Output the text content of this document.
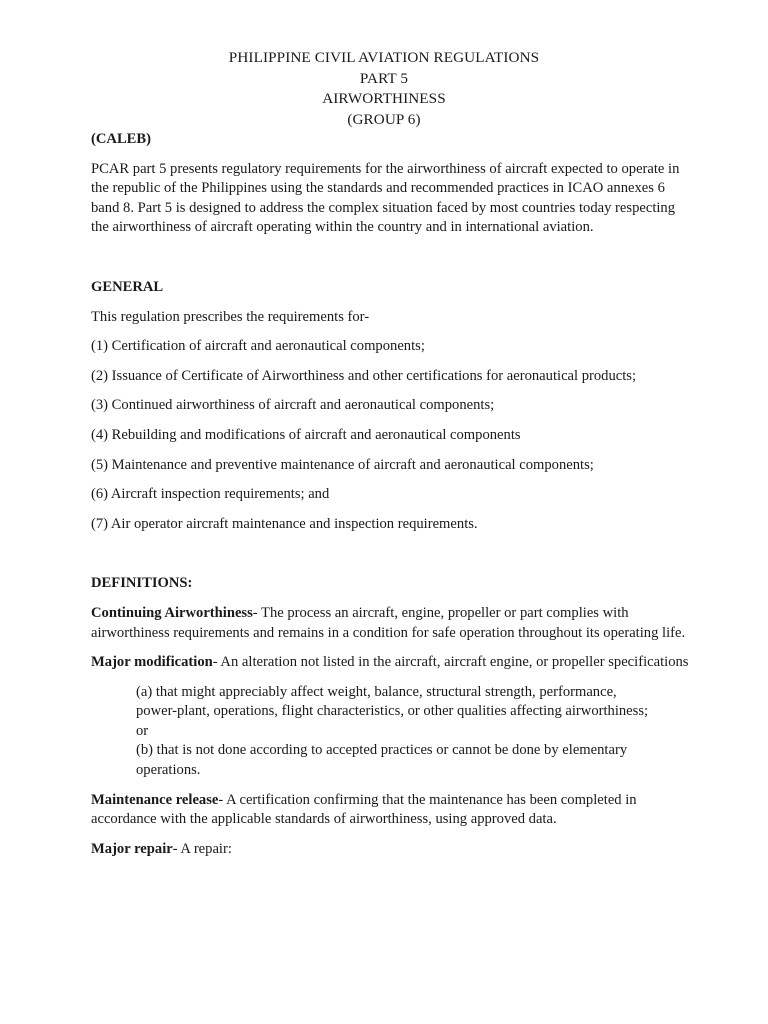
PHILIPPINE CIVIL AVIATION REGULATIONS
PART 5
AIRWORTHINESS
(GROUP 6)

(CALEB)

PCAR part 5 presents regulatory requirements for the airworthiness of aircraft expected to operate in the republic of the Philippines using the standards and recommended practices in ICAO annexes 6 band 8. Part 5 is designed to address the complex situation faced by most countries today respecting the airworthiness of aircraft operating within the country and in international aviation.

GENERAL

This regulation prescribes the requirements for-

(1) Certification of aircraft and aeronautical components;

(2) Issuance of Certificate of Airworthiness and other certifications for aeronautical products;

(3) Continued airworthiness of aircraft and aeronautical components;

(4) Rebuilding and modifications of aircraft and aeronautical components

(5) Maintenance and preventive maintenance of aircraft and aeronautical components;

(6) Aircraft inspection requirements; and

(7) Air operator aircraft maintenance and inspection requirements.

DEFINITIONS:

Continuing Airworthiness- The process an aircraft, engine, propeller or part complies with airworthiness requirements and remains in a condition for safe operation throughout its operating life.

Major modification- An alteration not listed in the aircraft, aircraft engine, or propeller specifications

(a) that might appreciably affect weight, balance, structural strength, performance, power-plant, operations, flight characteristics, or other qualities affecting airworthiness; or

(b) that is not done according to accepted practices or cannot be done by elementary operations.

Maintenance release- A certification confirming that the maintenance has been completed in accordance with the applicable standards of airworthiness, using approved data.

Major repair- A repair:
